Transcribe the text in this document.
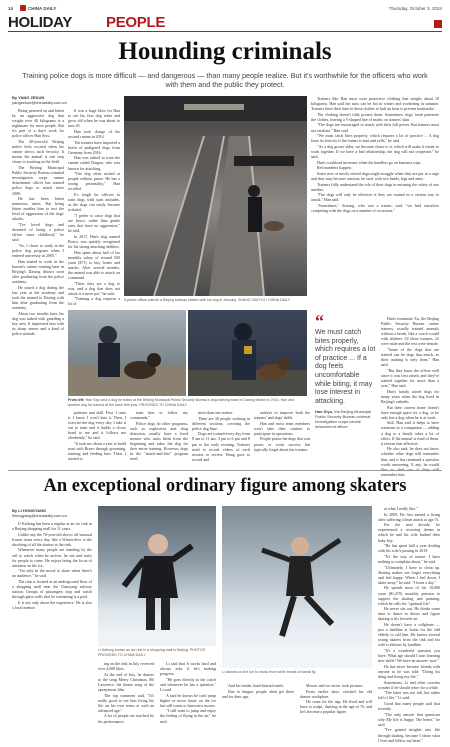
14	CHINA DAILY	Thursday, October 3, 2024
HOLIDAY PEOPLE
Hounding criminals
Training police dogs is more difficult — and dangerous — than many people realize. But it's worthwhile for the officers who work with them and the public they protect.
By YANG ZEKUN
yangzekun@chinadaily.com.cn

Being pestered on and bitten by an aggressive dog that weighs over 40 kilograms is a nightmare for most people. But it's part of a day's work for police officer Han Siyu.

The 40-year-old Beijing native feels excited when his canine shows such ferocity. It means the animal is one step closer to assisting in the field.

The Beijing Municipal Public Security Bureau criminal investigation corps canine detachment officer has trained police dogs to attack since 2009.

He has been bitten numerous times. But being bitten enables him to test the level of aggression of the dogs' attacks.

"I've loved dogs and dreamed of being a police officer since childhood," he said.

"So, I chose to study in the police dog program when I entered university in 2005."

Han started to work in the bureau's canine training base in Beijing's Daxing district soon after graduating from the police academy.

He raised a dog during the last year at the academy and took the animal to Daxing with him after graduating from the academy.

About two months later, his dog was tasked with guarding a key area. It impressed him with its sharp senses and a kind of police attitude.

It was a huge blow for Han to see his first dog retire and grow old when he was about to turn 30.

Han took charge of his second canine in 2014.

The trainers have imported a batch of pedigreed dogs from Germany from 2016.

Han was tasked to train the canine called Dragon, who was known for attacking.

"The dog often rushed at people without pause. He has a strong personality," Han recalled.

It's tough for officers to train dogs with such attitudes, as the dogs can easily become irritated.

"I prefer to raise dogs that are fierce, rather than gentle ones that have no aggression," he said.

In 2017, Han's dog, named Bravo, was quickly recognized for his strong attacking abilities.

Han spent about half of his monthly salary of around 500 yuan ($71) to buy bones and snacks. After several months, the animal was able to attack on command.

"Then, they are a dog to win, and a dog that does not attack is a mere pet," he said.

"Training a dog requires a lot of

A police officer patrols a Beijing subway station with his dog in January. ZHANG XIAOYU / CHINA DAILY

Trainers like Han must wear protective clothing that weighs about 10 kilograms. Han said the suits can be hot in winter and sweltering in summer. Trainers limit their time in these clothes to half an hour to prevent heatstroke.

The clothing doesn't fully protect them. Sometimes, dogs' teeth penetrate the clothes, leaving a V-shaped line of marks on trainers' skin.

"The dogs are encouraged to attack with their full power. But trainers must not retaliate," Han said.

"We must catch bites properly, which requires a lot of practice ... A dog loses its ferocity if the trainer is hurt and yells," he said.

"As a dog grows older, we become closer to it, which will make it easier to work together. If we have a bad relationship, the dog will not cooperate," he said.

Han's workload increases when the handlers go on business trips.

Red numbers happen.

Some new or newly retired dogs might struggle when they are put in a cage and they may become anxious, he said, with two heads, legs and arms.

Trainers fully understand the role of their dogs in ensuring the safety of one another.

"The dogs will only be effective if they are trained in a certain way to attack," Han said.

"Sometimes," Sixiang, who was a trainer, said, "we find ourselves competing with the dogs on a number of occasions."

From left: Han Siyu and a dog he trains at the Beijing Municipal Public Security Bureau's dog-training base in Daxing district in 2014. Han and another dog he trained at the base this year. PROVIDED TO CHINA DAILY

patience and skill. First, I raise it. I know I won't hurt it. Then, I exercise the dog every day. I take it out to train and it builds a closer bond to me and it follows me obediently," he said.

"It took me about a year to build trust with Bravo through grooming, training and feeding him. Then, I started to

train him to follow my commands."

Police dogs do other programs, such as explosives and drug detection, usually have a fixed mentor who tasks them from the beginning and takes the dog for their entire training. However, dogs in the "attack-and-bite" program need

more than one trainer.

There are 30 people working in different sections, covering the police dog base.

Dogs are trained every day from 8 am to 11 am, 3 pm to 6 pm and 8 pm to the early evening. Trainers need to record videos of each session to review. Wang goes to record and

analyze to improve both the trainers' and dogs' skills.

Han and most team members won't take their canines to participate in operations.

People praise the dogs that win prizes or work success but typically forget about the trainers.

“
We must catch bites properly, which requires a lot of practice ... If a dog feels uncomfortable while biting, it may lose interest in attacking.
Han Siyu, the Beijing Municipal Public Security Bureau criminal investigation corps canine detachment officer

Han's teammate Xu, the Beijing Public Security Bureau canine trainers, usually trained animals without a break, like a coach would with athletes. Of those trainers, 22 were male and the rest were female.

"Some of the dogs that are trained can be dogs that attack, as their training is only done," Han said.

"But they know the officer well since it was first raised, and they've trained together for more than a year," Han said.

Han's family raised dogs for many years when the dog lived in Beijing's suburbs.

But their current home doesn't have enough space for a dog, so he only has a dog when he is at work.

Still, Han said it helps to have someone as a companion — adding a dog to a family takes a lot of effort. If the animal is fond of them, it returns that affection.

He also said: he does not know whether other dogs still remember him, and it has remained a question worth answering. If any, he would remember him.

An exceptional ordinary figure among skaters
By LI HONGYANG
lihongyang@chinadaily.com.cn

If Kailong has been a regular at an ice rink in a Beijing shopping mall for 11 years.

Unlike any the 76-year-old shows off unusual frozen treats every day, like a Winter-dive to the shocking of all the skaters at the rink.

Whenever many people are standing by the rail to watch when he arrives, he sits and waits for people to come. He enjoys being the focus of attention on the ice.

"I'm only in the mood to skate when there's an audience," he said.

The rink is located at an underground floor of a shopping mall near the Chaoyang subway station. Groups of passengers stop and watch through glass walls that let swimming is a pool.

It is not only about the experience. He is also a local mentor.

Li Kailong shows an ice rink in a shopping mall in Beijing. PHOTOS PROVIDED TO CHINA DAILY

ing on the rink in July received over 4,000 likes.

At the end of July, he dances to the song Merry Christmas, Mr Lawrence, the theme song of the eponymous film.

The top comment said, "It's really good to see him living his life on his own terms at such an advanced age."

A lot of people are touched by his performance.

Li said that A works hard and always asks if he's making progress.

"He goes directly to the coach and whenever he has a question," Li said.

A said he knows he can't jump higher or move faster on the ice but still wants to learn new moves.

"I still want to jump and enjoy the feeling of flying in the air," he said.

Li dances on the ice to music from while beads of sweat fly.

And his tender, kind-hearted smile.

Due to fatigue, people often get there and for their age.

Mosaic and ice sector took pictures

From earlier days, reached his old dancer workplace.

He came for the nap, He lived and will have to sculpt, dancing in the age of 76, and he's become a popular figure.

at what I really like."

In 2009, He first earned a living after suffering a heart attack at age 51.

For the next decade, he experienced a recurring dream in which he and his wife bathed their baby boy.

"He has spent half a year dealing with his wife's passing in 2019.

"It's the way of nature. I have nothing to complain about," he said.

"Ultimately, I have to clean up. Skating makes me forget everything and feel happy. When I feel down, I skate away," he said. "I learn a day."

He spends most of his 10,000 yuan ($1,470) monthly pension to support the skating and painting, which he calls his "spiritual life".

He never sits out. He thinks some time to dance in shows and figure skating is his favorite art.

He doesn't have a cellphone — just a landline at home for the odd elderly to call him. He knows several young skaters from the rink and his wife's relatives by landline.

"It's a wonderful question you have. What age should I start learning new skills? We have an answer: now."

He has never become friends with anyone as he was told: "Doing his thing and living my life."

Sometimes, Li and other coaches wonder if he should retire for a while.

"The latter was not full, but rather full of life," Li said.

Good that many people said that recently.

"The only answer that questions why My life is happy. The better," he said.

"I've gained insights into life through skating, because I chose what I love and follow my heart."
